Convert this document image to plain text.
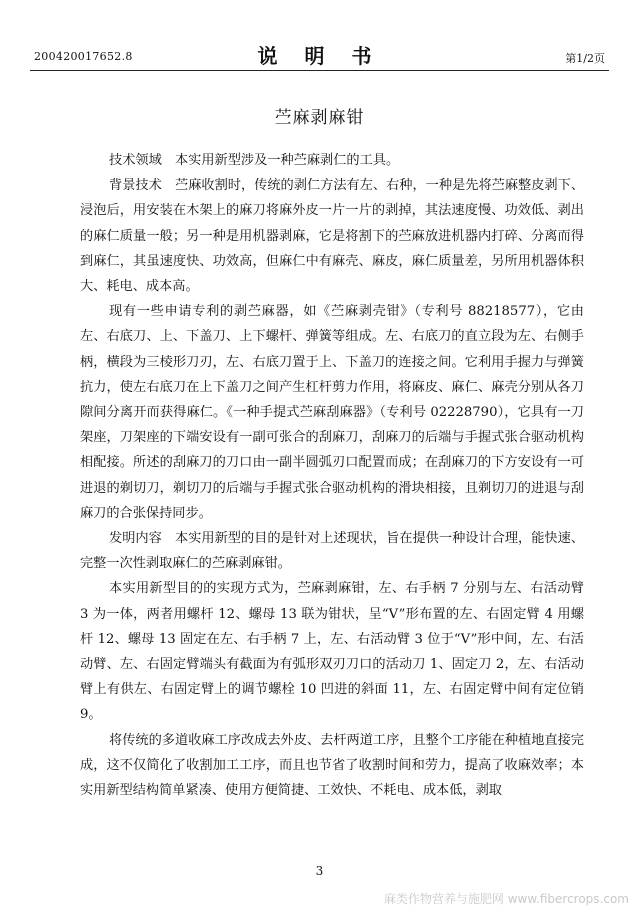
200420017652.8	说 明 书	第1/2页
苎麻剥麻钳

技术领域 本实用新型涉及一种苎麻剥仁的工具。

背景技术 苎麻收割时，传统的剥仁方法有左、右种，一种是先将苎麻整皮剥下、浸泡后，用安装在木架上的麻刀将麻外皮一片一片的剥掉，其法速度慢、功效低、剥出的麻仁质量一般；另一种是用机器剥麻，它是将割下的苎麻放进机器内打碎、分离而得到麻仁，其虽速度快、功效高，但麻仁中有麻壳、麻皮，麻仁质量差，另所用机器体积大、耗电、成本高。

现有一些申请专利的剥苎麻器，如《苎麻剥壳钳》（专利号 88218577），它由左、右底刀、上、下盖刀、上下螺杆、弹簧等组成。左、右底刀的直立段为左、右侧手柄，横段为三棱形刀刃，左、右底刀置于上、下盖刀的连接之间。它利用手握力与弹簧抗力，使左右底刀在上下盖刀之间产生杠杆剪力作用，将麻皮、麻仁、麻壳分别从各刀隙间分离开而获得麻仁。《一种手提式苎麻刮麻器》（专利号 02228790），它具有一刀架座，刀架座的下端安设有一副可张合的刮麻刀，刮麻刀的后端与手握式张合驱动机构相配接。所述的刮麻刀的刀口由一副半圆弧刃口配置而成；在刮麻刀的下方安设有一可进退的剃切刀，剃切刀的后端与手握式张合驱动机构的滑块相接，且剃切刀的进退与刮麻刀的合张保持同步。

发明内容 本实用新型的目的是针对上述现状，旨在提供一种设计合理，能快速、完整一次性剥取麻仁的苎麻剥麻钳。

本实用新型目的的实现方式为，苎麻剥麻钳，左、右手柄 7 分别与左、右活动臂 3 为一体，两者用螺杆 12、螺母 13 联为钳状，呈“V”形布置的左、右固定臂 4 用螺杆 12、螺母 13 固定在左、右手柄 7 上，左、右活动臂 3 位于“V”形中间，左、右活动臂、左、右固定臂端头有截面为有弧形双刃刀口的活动刀 1、固定刀 2，左、右活动臂上有供左、右固定臂上的调节螺栓 10 凹进的斜面 11，左、右固定臂中间有定位销 9。

将传统的多道收麻工序改成去外皮、去杆两道工序，且整个工序能在种植地直接完成，这不仅简化了收割加工工序，而且也节省了收割时间和劳力，提高了收麻效率；本实用新型结构简单紧凑、使用方便简捷、工效快、不耗电、成本低，剥取

3
麻类作物营养与施肥网 www.fibercrops.com
